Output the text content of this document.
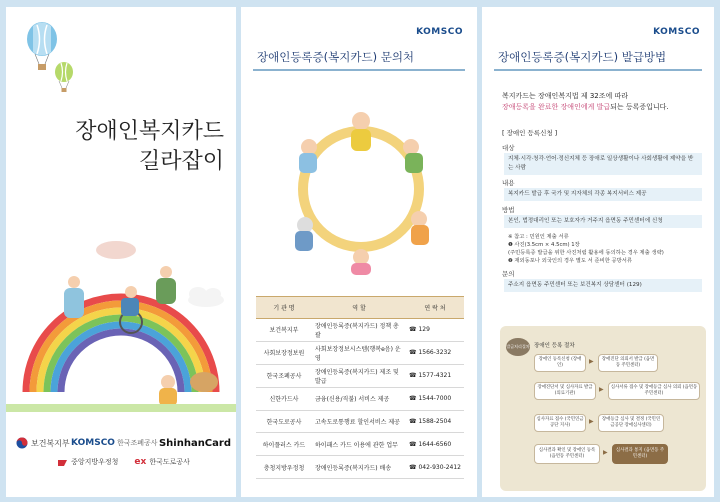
장애인복지카드
길라잡이
보건복지부 KOMSCO 한국조폐공사 ShinhanCard
중앙지방우정청 ex 한국도로공사
KOMSCO
장애인등록증(복지카드) 문의처
기 관 명	역 할	연 락 처
보건복지부	장애인등록증(복지카드) 정책 총괄	☎ 129
사회보장정보원	사회보장정보시스템(행복e음) 운영	☎ 1566-3232
한국조폐공사	장애인등록증(복지카드) 제조 및 발급	☎ 1577-4321
신한카드사	금융(신용/직불) 서비스 제공	☎ 1544-7000
한국도로공사	고속도로통행료 할인서비스 제공	☎ 1588-2504
하이플러스 카드	하이패스 카드 이용에 관한 업무	☎ 1644-6560
충청지방우정청	장애인등록증(복지카드) 배송	☎ 042-930-2412
KOMSCO
장애인등록증(복지카드) 발급방법
복지카드는 장애인복지법 제 32조에 따라
장애등록을 완료한 장애인에게 발급되는 등록증입니다.
[ 장애인 등록신청 ]
대상
지체·시각·청각·언어·정신지체 등 장애로 일상생활이나 사회생활에 제약을 받는 사람
내용
복지카드 발급 후 국가 및 지자체의 각종 복지서비스 제공
방법
본인, 법정대리인 또는 보호자가 거주지 읍면동 주민센터에 신청
※ 참고 : 민원인 제출 서류
❶ 사진(3.5cm × 4.5cm) 1장
(주민등록증 발급을 위한 사진처럼 활용에 동의하는 경우 제출 생략)
❷ 재외동포나 외국인의 경우 별도 서 준비한 공방서류
문의
주소지 읍면동 주민센터 또는 보건복지 상담센터 (129)
발급처리절차 장애인 등록 절차
장애인 등록신청 (장애인)
▶	장애진단 의뢰서 발급 (읍면동 주민센터)
장애진단서 및 심사자료 발급 (의료기관)
▶	심사서류 접수 및 장애등급 심사 의뢰 (읍면동 주민센터)
심사자료 접수 (국민연금공단 지사)
▶	장애등급 심사 및 결정 (국민연금공단 장애심사센터)
심사결과 확인 및 장애인 등록 (읍면동 주민센터)
▶	심사결과 통지 (읍면동 주민센터)
